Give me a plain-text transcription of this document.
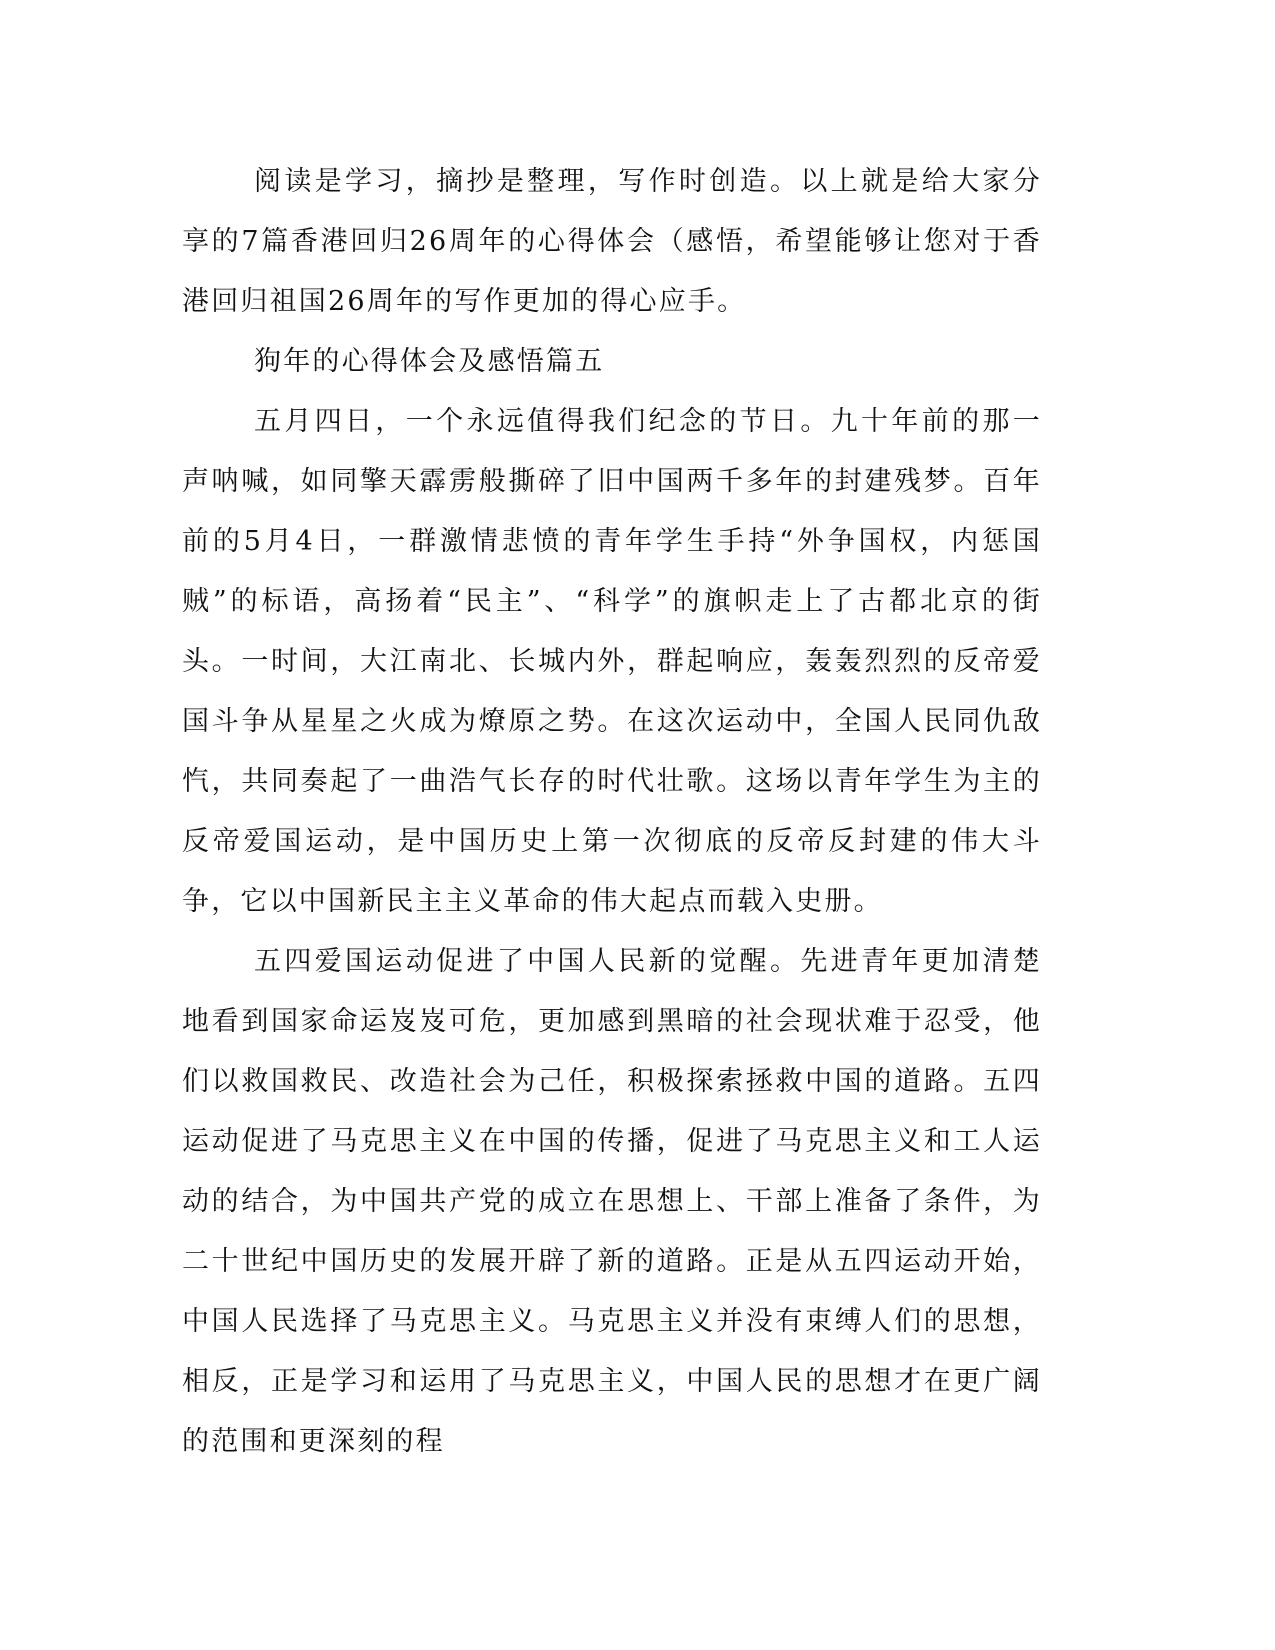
阅读是学习，摘抄是整理，写作时创造。以上就是给大家分享的7篇香港回归26周年的心得体会（感悟，希望能够让您对于香港回归祖国26周年的写作更加的得心应手。

狗年的心得体会及感悟篇五

五月四日，一个永远值得我们纪念的节日。九十年前的那一声呐喊，如同擎天霹雳般撕碎了旧中国两千多年的封建残梦。百年前的5月4日，一群激情悲愤的青年学生手持“外争国权，内惩国贼”的标语，高扬着“民主”、“科学”的旗帜走上了古都北京的街头。一时间，大江南北、长城内外，群起响应，轰轰烈烈的反帝爱国斗争从星星之火成为燎原之势。在这次运动中，全国人民同仇敌忾，共同奏起了一曲浩气长存的时代壮歌。这场以青年学生为主的反帝爱国运动，是中国历史上第一次彻底的反帝反封建的伟大斗争，它以中国新民主主义革命的伟大起点而载入史册。

五四爱国运动促进了中国人民新的觉醒。先进青年更加清楚地看到国家命运岌岌可危，更加感到黑暗的社会现状难于忍受，他们以救国救民、改造社会为己任，积极探索拯救中国的道路。五四运动促进了马克思主义在中国的传播，促进了马克思主义和工人运动的结合，为中国共产党的成立在思想上、干部上准备了条件，为二十世纪中国历史的发展开辟了新的道路。正是从五四运动开始，中国人民选择了马克思主义。马克思主义并没有束缚人们的思想，相反，正是学习和运用了马克思主义，中国人民的思想才在更广阔的范围和更深刻的程
